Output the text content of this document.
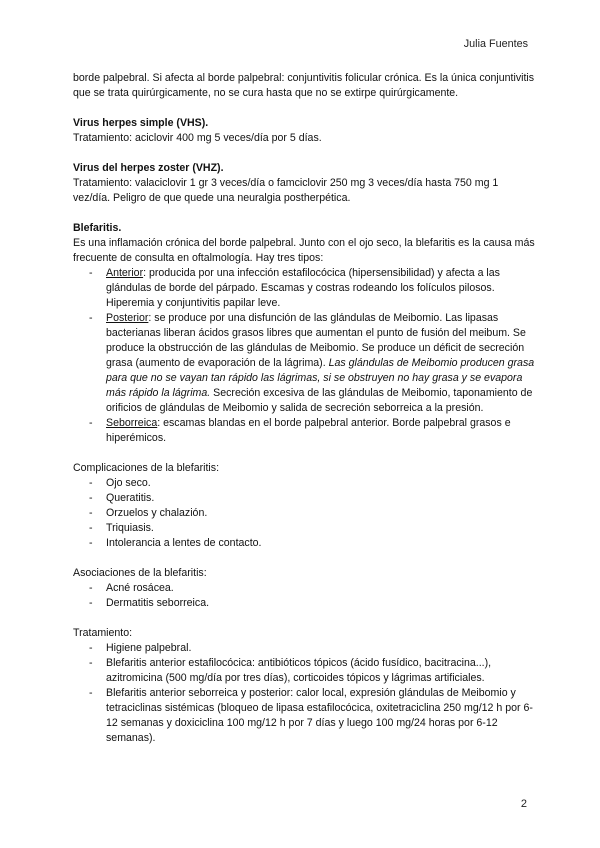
Julia Fuentes

borde palpebral. Si afecta al borde palpebral: conjuntivitis folicular crónica. Es la única conjuntivitis que se trata quirúrgicamente, no se cura hasta que no se extirpe quirúrgicamente.

Virus herpes simple (VHS).

Tratamiento: aciclovir 400 mg 5 veces/día por 5 días.

Virus del herpes zoster (VHZ).

Tratamiento: valaciclovir 1 gr 3 veces/día o famciclovir 250 mg 3 veces/día hasta 750 mg 1 vez/día. Peligro de que quede una neuralgia postherpética.

Blefaritis.

Es una inflamación crónica del borde palpebral. Junto con el ojo seco, la blefaritis es la causa más frecuente de consulta en oftalmología. Hay tres tipos:

- Anterior: producida por una infección estafilocócica (hipersensibilidad) y afecta a las glándulas de borde del párpado. Escamas y costras rodeando los folículos pilosos. Hiperemia y conjuntivitis papilar leve.
- Posterior: se produce por una disfunción de las glándulas de Meibomio. Las lipasas bacterianas liberan ácidos grasos libres que aumentan el punto de fusión del meibum. Se produce la obstrucción de las glándulas de Meibomio. Se produce un déficit de secreción grasa (aumento de evaporación de la lágrima). Las glándulas de Meibomio producen grasa para que no se vayan tan rápido las lágrimas, si se obstruyen no hay grasa y se evapora más rápido la lágrima. Secreción excesiva de las glándulas de Meibomio, taponamiento de orificios de glándulas de Meibomio y salida de secreción seborreica a la presión.
- Seborreica: escamas blandas en el borde palpebral anterior. Borde palpebral grasos e hiperémicos.

Complicaciones de la blefaritis:

- Ojo seco.
- Queratitis.
- Orzuelos y chalazión.
- Triquiasis.
- Intolerancia a lentes de contacto.

Asociaciones de la blefaritis:

- Acné rosácea.
- Dermatitis seborreica.

Tratamiento:

- Higiene palpebral.
- Blefaritis anterior estafilocócica: antibióticos tópicos (ácido fusídico, bacitracina...), azitromicina (500 mg/día por tres días), corticoides tópicos y lágrimas artificiales.
- Blefaritis anterior seborreica y posterior: calor local, expresión glándulas de Meibomio y tetraciclinas sistémicas (bloqueo de lipasa estafilocócica, oxitetraciclina 250 mg/12 h por 6-12 semanas y doxiciclina 100 mg/12 h por 7 días y luego 100 mg/24 horas por 6-12 semanas).
2
